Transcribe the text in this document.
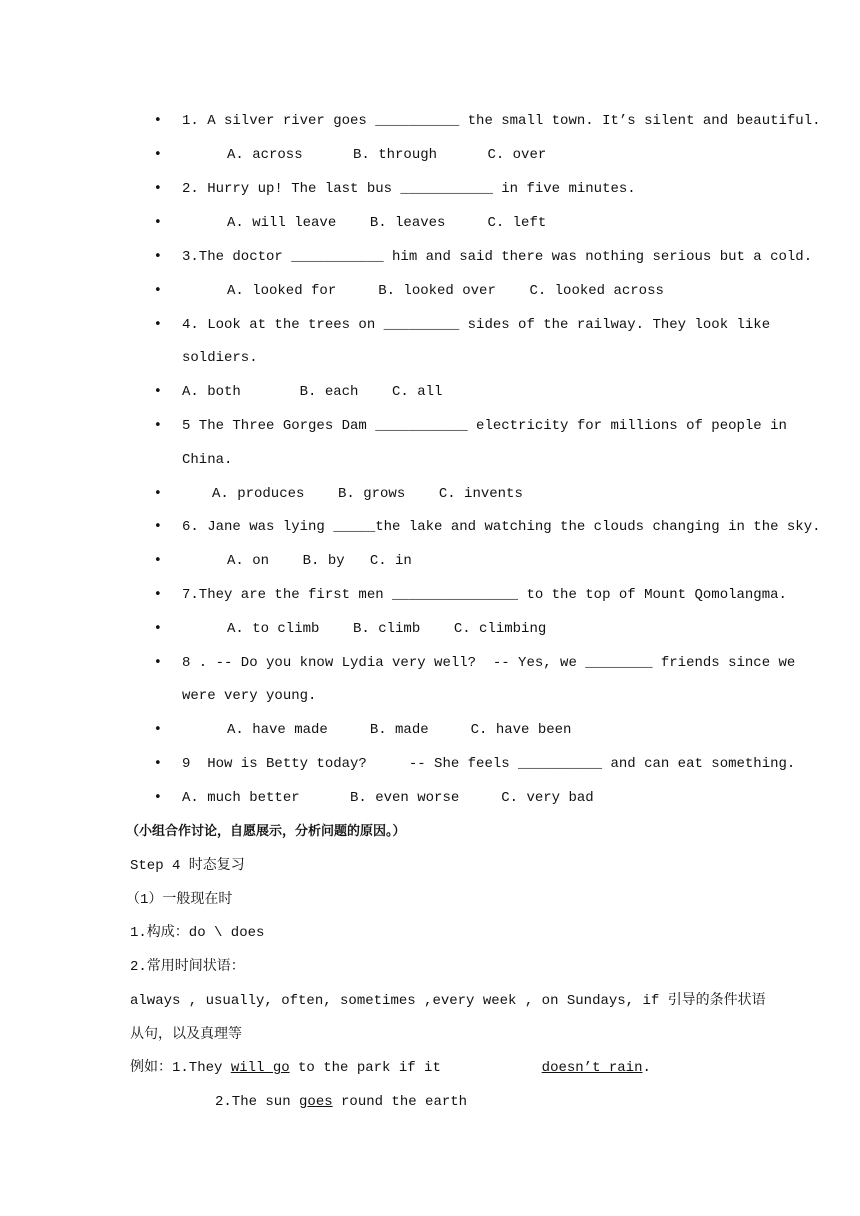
• 1. A silver river goes __________ the small town. It’s silent and beautiful.
•	A. across      B. through      C. over
• 2. Hurry up! The last bus ___________ in five minutes.
•	A. will leave    B. leaves     C. left
• 3.The doctor ___________ him and said there was nothing serious but a cold.
•	A. looked for     B. looked over    C. looked across
• 4. Look at the trees on _________ sides of the railway. They look like
soldiers.
• A. both       B. each    C. all
• 5 The Three Gorges Dam ___________ electricity for millions of people in
China.
•	A. produces    B. grows    C. invents
• 6. Jane was lying _____the lake and watching the clouds changing in the sky.
•	A. on    B. by   C. in
• 7.They are the first men _______________ to the top of Mount Qomolangma.
•	A. to climb    B. climb    C. climbing
• 8 . -- Do you know Lydia very well?  -- Yes, we ________ friends since we
were very young.
•	A. have made     B. made     C. have been
• 9  How is Betty today?     -- She feels __________ and can eat something.
• A. much better      B. even worse     C. very bad
（小组合作讨论，自愿展示，分析问题的原因。）
Step 4 时态复习
（1）一般现在时
1.构成：do \ does
2.常用时间状语：
always , usually, often, sometimes ,every week , on Sundays, if 引导的条件状语
从句，以及真理等
例如：1.They will go to the park if it            doesn’t rain.
2.The sun goes round the earth
